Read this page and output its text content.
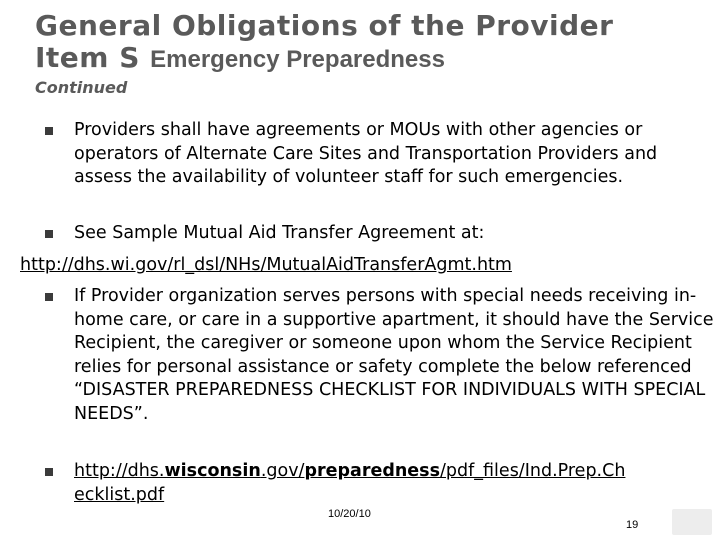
General Obligations of the Provider
Item S Emergency Preparedness
Continued
Providers shall have agreements or MOUs with other agencies or operators of Alternate Care Sites and Transportation Providers and assess the availability of volunteer staff for such emergencies.
See Sample Mutual Aid Transfer Agreement at:
http://dhs.wi.gov/rl_dsl/NHs/MutualAidTransferAgmt.htm
If Provider organization serves persons with special needs receiving in-home care, or care in a supportive apartment, it should have the Service Recipient, the caregiver or someone upon whom the Service Recipient relies for personal assistance or safety complete the below referenced “DISASTER PREPAREDNESS CHECKLIST FOR INDIVIDUALS WITH SPECIAL NEEDS”.
http://dhs.wisconsin.gov/preparedness/pdf_files/Ind.Prep.Ch
ecklist.pdf
10/20/10
19
